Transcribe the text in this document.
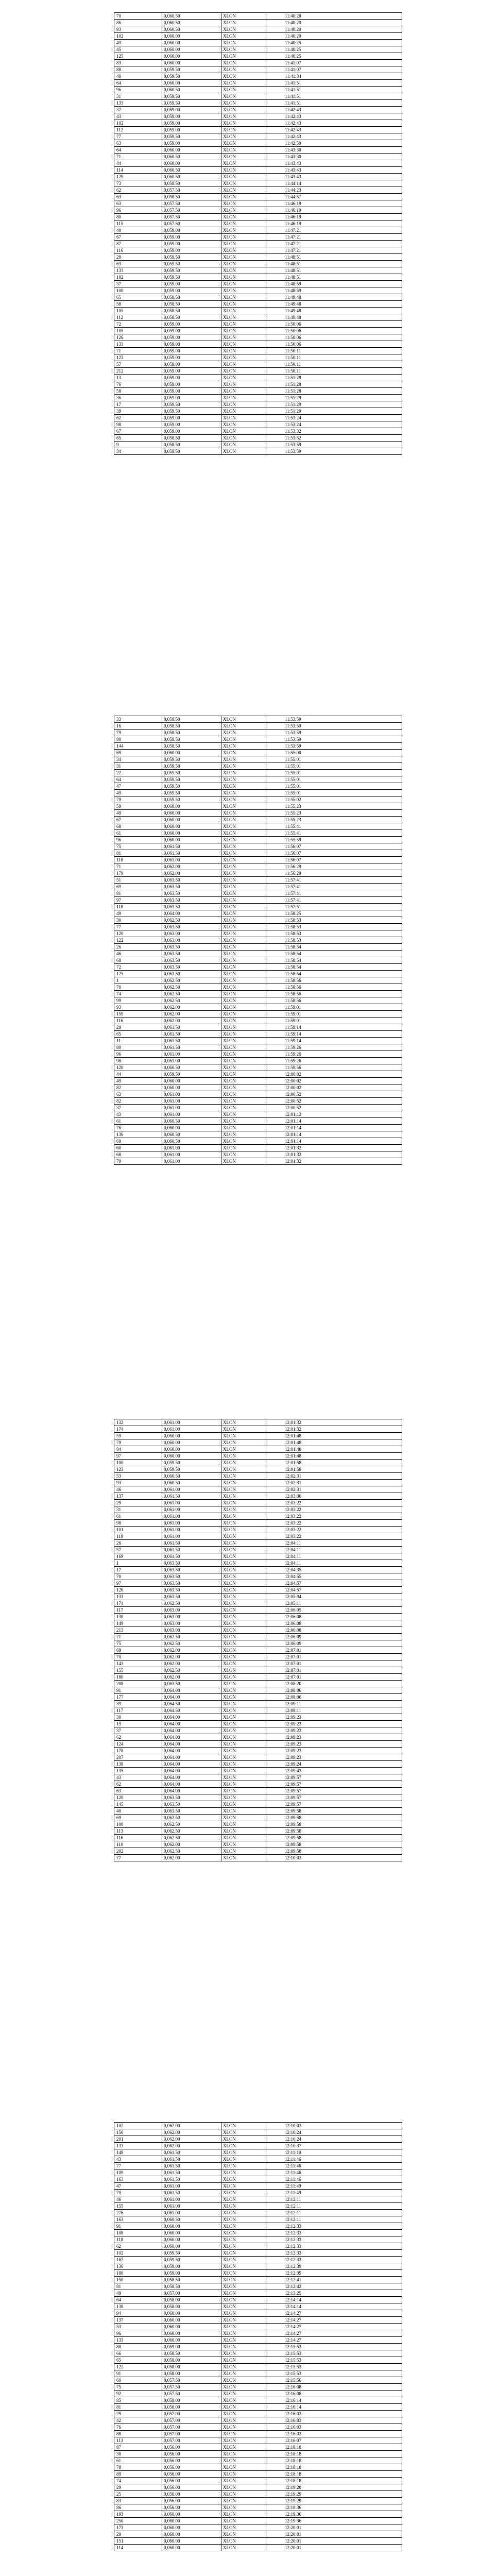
70	0,060.50	XLON	11:40:20
86	0,060.50	XLON	11:40:20
93	0,060.50	XLON	11:40:20
102	0,060.00	XLON	11:40:20
49	0,060.00	XLON	11:40:25
45	0,060.00	XLON	11:40:25
125	0,060.00	XLON	11:40:25
83	0,060.00	XLON	11:41:07
88	0,059.50	XLON	11:41:07
40	0,059.50	XLON	11:41:34
64	0,060.00	XLON	11:41:51
96	0,060.50	XLON	11:41:51
31	0,059.50	XLON	11:41:51
133	0,059.50	XLON	11:41:51
37	0,059.00	XLON	11:42:43
43	0,059.00	XLON	11:42:43
102	0,059.00	XLON	11:42:43
112	0,059.00	XLON	11:42:43
77	0,059.50	XLON	11:42:43
63	0,059.00	XLON	11:42:50
64	0,060.00	XLON	11:43:30
71	0,060.50	XLON	11:43:30
44	0,060.00	XLON	11:43:43
114	0,060.50	XLON	11:43:43
129	0,060.50	XLON	11:43:43
73	0,058.50	XLON	11:44:14
62	0,057.50	XLON	11:44:23
63	0,058.50	XLON	11:44:57
63	0,057.50	XLON	11:46:19
96	0,057.50	XLON	11:46:19
80	0,057.50	XLON	11:46:19
115	0,057.50	XLON	11:46:19
40	0,059.00	XLON	11:47:21
67	0,059.00	XLON	11:47:21
87	0,059.00	XLON	11:47:21
116	0,059.00	XLON	11:47:21
28	0,059.50	XLON	11:48:51
63	0,059.50	XLON	11:48:51
133	0,059.50	XLON	11:48:51
102	0,059.50	XLON	11:48:51
37	0,059.00	XLON	11:48:59
100	0,059.00	XLON	11:48:59
65	0,058.50	XLON	11:49:48
58	0,058.50	XLON	11:49:48
105	0,058.50	XLON	11:49:48
112	0,058.50	XLON	11:49:48
72	0,059.00	XLON	11:50:06
105	0,059.00	XLON	11:50:06
126	0,059.00	XLON	11:50:06
133	0,059.00	XLON	11:50:06
71	0,059.00	XLON	11:50:11
123	0,059.00	XLON	11:50:11
57	0,059.00	XLON	11:50:11
212	0,059.00	XLON	11:50:11
13	0,059.00	XLON	11:51:28
76	0,059.00	XLON	11:51:28
58	0,059.00	XLON	11:51:28
36	0,059.00	XLON	11:51:29
17	0,059.50	XLON	11:51:29
39	0,059.50	XLON	11:51:29
62	0,059.00	XLON	11:53:24
98	0,059.00	XLON	11:53:24
67	0,059.00	XLON	11:53:32
65	0,058.50	XLON	11:53:52
9	0,058.50	XLON	11:53:59
34	0,058.50	XLON	11:53:59
33	0,058.50	XLON	11:53:59
16	0,058.50	XLON	11:53:59
79	0,058.50	XLON	11:53:59
80	0,058.50	XLON	11:53:59
144	0,058.50	XLON	11:53:59
69	0,060.00	XLON	11:55:00
34	0,059.50	XLON	11:55:01
31	0,059.50	XLON	11:55:01
22	0,059.50	XLON	11:55:01
64	0,059.50	XLON	11:55:01
47	0,059.50	XLON	11:55:01
49	0,059.50	XLON	11:55:01
79	0,059.50	XLON	11:55:02
59	0,060.00	XLON	11:55:23
49	0,060.00	XLON	11:55:23
67	0,060.00	XLON	11:55:23
68	0,060.00	XLON	11:55:41
61	0,060.00	XLON	11:55:41
96	0,060.00	XLON	11:55:59
75	0,061.50	XLON	11:56:07
81	0,061.50	XLON	11:56:07
118	0,061.00	XLON	11:56:07
71	0,062.00	XLON	11:56:29
179	0,062.00	XLON	11:56:29
51	0,063.50	XLON	11:57:41
69	0,063.50	XLON	11:57:41
81	0,063.50	XLON	11:57:41
97	0,063.50	XLON	11:57:41
118	0,063.50	XLON	11:57:51
49	0,064.00	XLON	11:58:25
30	0,062.50	XLON	11:58:53
77	0,063.50	XLON	11:58:53
120	0,063.00	XLON	11:58:53
122	0,063.00	XLON	11:58:53
26	0,063.50	XLON	11:58:54
46	0,063.50	XLON	11:58:54
68	0,063.50	XLON	11:58:54
72	0,063.50	XLON	11:58:54
125	0,063.50	XLON	11:58:54
1	0,062.50	XLON	11:58:56
70	0,062.50	XLON	11:58:56
74	0,062.50	XLON	11:58:56
99	0,062.50	XLON	11:58:56
93	0,062.00	XLON	11:59:01
159	0,062.00	XLON	11:59:01
116	0,062.00	XLON	11:59:01
29	0,061.50	XLON	11:59:14
65	0,061.50	XLON	11:59:14
11	0,061.50	XLON	11:59:14
80	0,061.50	XLON	11:59:26
96	0,061.00	XLON	11:59:26
98	0,061.00	XLON	11:59:26
120	0,060.50	XLON	11:59:56
44	0,059.50	XLON	12:00:02
49	0,060.00	XLON	12:00:02
82	0,060.00	XLON	12:00:02
63	0,061.00	XLON	12:00:52
82	0,061.00	XLON	12:00:52
37	0,061.00	XLON	12:00:52
43	0,061.00	XLON	12:01:12
61	0,060.50	XLON	12:01:14
76	0,060.00	XLON	12:01:14
136	0,060.50	XLON	12:01:14
69	0,060.50	XLON	12:01:14
60	0,061.00	XLON	12:01:32
68	0,061.00	XLON	12:01:32
79	0,061.00	XLON	12:01:32
132	0,061.00	XLON	12:01:32
174	0,061.00	XLON	12:01:32
59	0,060.00	XLON	12:01:48
79	0,060.00	XLON	12:01:48
84	0,060.00	XLON	12:01:48
97	0,060.00	XLON	12:01:48
100	0,059.50	XLON	12:01:58
123	0,059.50	XLON	12:01:58
53	0,060.50	XLON	12:02:31
93	0,060.50	XLON	12:02:31
46	0,061.00	XLON	12:02:31
137	0,061.50	XLON	12:03:00
29	0,061.00	XLON	12:03:22
31	0,061.00	XLON	12:03:22
61	0,061.00	XLON	12:03:22
98	0,061.00	XLON	12:03:22
101	0,061.00	XLON	12:03:22
118	0,061.00	XLON	12:03:22
26	0,061.50	XLON	12:04:11
57	0,061.50	XLON	12:04:11
169	0,061.50	XLON	12:04:11
1	0,063.50	XLON	12:04:11
17	0,063.50	XLON	12:04:35
70	0,063.50	XLON	12:04:55
97	0,063.50	XLON	12:04:57
126	0,063.50	XLON	12:04:57
133	0,063.50	XLON	12:05:04
174	0,062.50	XLON	12:05:11
117	0,063.00	XLON	12:06:05
130	0,063.00	XLON	12:06:08
149	0,063.00	XLON	12:06:08
213	0,063.00	XLON	12:06:08
71	0,062.50	XLON	12:06:09
75	0,062.50	XLON	12:06:09
69	0,062.00	XLON	12:07:01
70	0,062.00	XLON	12:07:01
143	0,062.00	XLON	12:07:01
155	0,062.50	XLON	12:07:01
180	0,062.00	XLON	12:07:01
208	0,063.50	XLON	12:08:20
91	0,064.00	XLON	12:08:06
177	0,064.00	XLON	12:08:06
39	0,064.50	XLON	12:09:11
117	0,064.50	XLON	12:09:11
30	0,064.00	XLON	12:09:23
19	0,064.00	XLON	12:09:23
37	0,064.00	XLON	12:09:23
62	0,064.00	XLON	12:09:23
124	0,064.00	XLON	12:09:23
178	0,064.00	XLON	12:09:23
207	0,064.00	XLON	12:09:23
138	0,064.00	XLON	12:09:24
135	0,064.00	XLON	12:09:43
43	0,064.00	XLON	12:09:57
62	0,064.00	XLON	12:09:57
63	0,064.00	XLON	12:09:57
120	0,063.50	XLON	12:09:57
145	0,063.50	XLON	12:09:57
40	0,063.50	XLON	12:09:58
69	0,062.50	XLON	12:09:58
100	0,062.50	XLON	12:09:58
113	0,062.50	XLON	12:09:58
116	0,062.50	XLON	12:09:58
110	0,062.00	XLON	12:09:58
202	0,062.50	XLON	12:09:58
77	0,062.00	XLON	12:10:03
102	0,062.00	XLON	12:10:03
150	0,062.00	XLON	12:10:24
201	0,062.00	XLON	12:10:24
133	0,062.00	XLON	12:10:37
148	0,061.50	XLON	12:11:10
43	0,061.50	XLON	12:11:46
77	0,061.50	XLON	12:11:46
109	0,061.50	XLON	12:11:46
163	0,061.50	XLON	12:11:46
47	0,061.00	XLON	12:11:49
70	0,061.50	XLON	12:11:49
46	0,061.00	XLON	12:12:11
155	0,061.00	XLON	12:12:11
276	0,061.00	XLON	12:12:11
163	0,060.50	XLON	12:12:11
91	0,060.00	XLON	12:12:33
108	0,060.00	XLON	12:12:33
118	0,060.00	XLON	12:12:33
62	0,060.00	XLON	12:12:33
102	0,059.50	XLON	12:12:33
167	0,059.50	XLON	12:12:33
136	0,059.00	XLON	12:12:39
180	0,059.00	XLON	12:12:39
150	0,058.50	XLON	12:12:41
81	0,058.50	XLON	12:12:42
49	0,057.00	XLON	12:13:25
64	0,058.00	XLON	12:14:14
138	0,058.00	XLON	12:14:14
94	0,060.00	XLON	12:14:27
137	0,060.00	XLON	12:14:27
53	0,060.00	XLON	12:14:27
96	0,060.00	XLON	12:14:27
133	0,060.00	XLON	12:14:27
80	0,059.00	XLON	12:15:53
66	0,058.50	XLON	12:15:53
65	0,058.00	XLON	12:15:53
122	0,058.00	XLON	12:15:53
91	0,058.00	XLON	12:15:53
60	0,057.50	XLON	12:15:56
75	0,057.50	XLON	12:16:08
92	0,057.50	XLON	12:16:08
85	0,058.00	XLON	12:16:14
81	0,058.00	XLON	12:16:14
29	0,057.00	XLON	12:16:03
42	0,057.00	XLON	12:16:03
76	0,057.00	XLON	12:16:03
88	0,057.00	XLON	12:16:03
113	0,057.00	XLON	12:16:07
87	0,056.00	XLON	12:18:18
30	0,056.00	XLON	12:18:18
61	0,056.00	XLON	12:18:18
78	0,056.00	XLON	12:18:18
89	0,056.00	XLON	12:18:18
74	0,056.00	XLON	12:18:18
29	0,056.00	XLON	12:19:20
25	0,056.00	XLON	12:19:29
83	0,056.00	XLON	12:19:29
86	0,056.00	XLON	12:19:36
193	0,060.00	XLON	12:19:36
250	0,060.00	XLON	12:19:36
173	0,060.00	XLON	12:20:01
29	0,060.00	XLON	12:20:01
151	0,060.00	XLON	12:20:01
114	0,060.00	XLON	12:20:01
